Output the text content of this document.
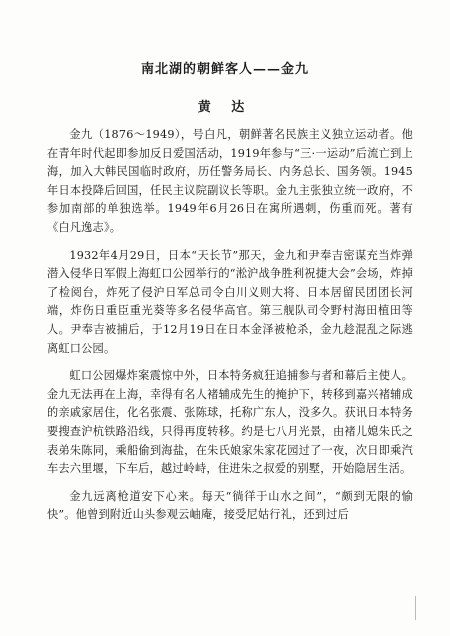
南北湖的朝鲜客人——金九
黄 达

金九（1876～1949），号白凡，朝鲜著名民族主义独立运动者。他在青年时代起即参加反日爱国活动，1919年参与“三·一运动”后流亡到上海，加入大韩民国临时政府，历任警务局长、内务总长、国务领。1945年日本投降后回国，任民主议院副议长等职。金九主张独立统一政府，不参加南部的单独选举。1949年6月26日在寓所遇刺，伤重而死。著有《白凡逸志》。

1932年4月29日，日本“天长节”那天，金九和尹奉吉密谋充当炸弹潜入侵华日军假上海虹口公园举行的“淞沪战争胜利祝捷大会”会场，炸掉了检阅台，炸死了侵沪日军总司令白川义则大将、日本居留民团团长河端，炸伤日重臣重光葵等多名侵华高官。第三舰队司令野村海田植田等人。尹奉吉被捕后，于12月19日在日本金泽被枪杀，金九趁混乱之际逃离虹口公园。

虹口公园爆炸案震惊中外，日本特务疯狂追捕参与者和幕后主使人。金九无法再在上海，幸得有名人褚辅成先生的掩护下，转移到嘉兴褚辅成的亲戚家居住，化名张震、张陈球，托称广东人，没多久。获讯日本特务要搜查沪杭铁路沿线，只得再度转移。约是七八月光景，由褚儿媳朱氏之表弟朱陈同，乘船偷到海盐，在朱氏娘家朱家花园过了一夜，次日即乘汽车去六里堰，下车后，越过岭峙，住进朱之叔爱的别墅，开始隐居生活。

金九远离枪道安下心来。每天“徜徉于山水之间”，“颇到无限的愉快”。他曾到附近山头参观云岫庵，接受尼姑行礼，还到过后
